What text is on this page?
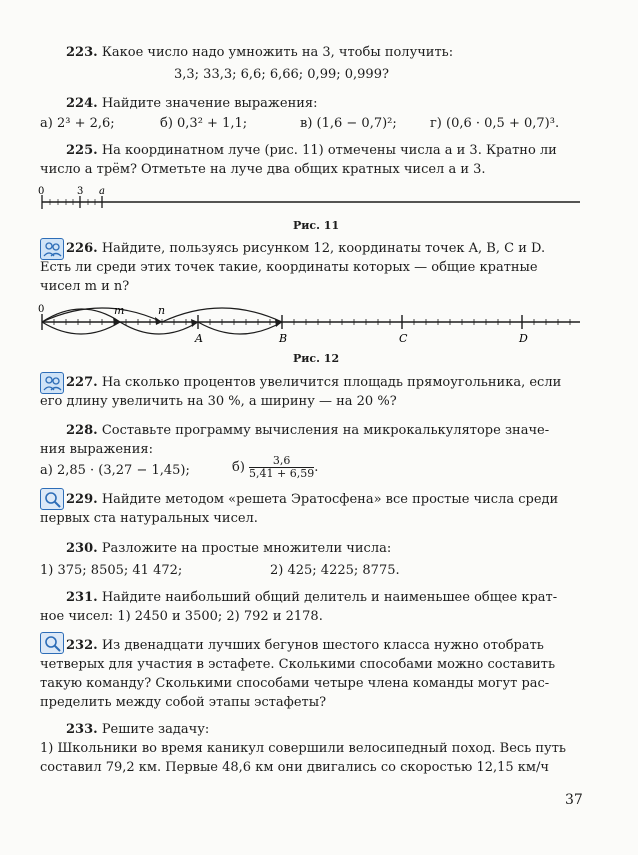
223. Какое число надо умножить на 3, чтобы получить:
3,3; 33,3; 6,6; 6,66; 0,99; 0,999?
224. Найдите значение выражения:
а) 2³ + 2,6;	б) 0,3² + 1,1;	в) (1,6 − 0,7)²;	г) (0,6 · 0,5 + 0,7)³.
225. На координатном луче (рис. 11) отмечены числа a и 3. Кратно ли
число a трём? Отметьте на луче два общих кратных чисел a и 3.
0	3 a
Рис. 11
226. Найдите, пользуясь рисунком 12, координаты точек A, B, C и D.
Есть ли среди этих точек такие, координаты которых — общие кратные
чисел m и n?
0	m	n
A	B	C	D
Рис. 12
227. На сколько процентов увеличится площадь прямоугольника, если
его длину увеличить на 30 %, а ширину — на 20 %?
228. Составьте программу вычисления на микрокалькуляторе значе-
ния выражения:
а) 2,85 · (3,27 − 1,45);	$б) \frac{3,6}{5,41 + 6,59}$ .
229. Найдите методом «решета Эратосфена» все простые числа среди
первых ста натуральных чисел.
230. Разложите на простые множители числа:
1) 375; 8505; 41 472;	2) 425; 4225; 8775.
231. Найдите наибольший общий делитель и наименьшее общее крат-
ное чисел: 1) 2450 и 3500; 2) 792 и 2178.
232. Из двенадцати лучших бегунов шестого класса нужно отобрать
четверых для участия в эстафете. Сколькими способами можно составить
такую команду? Сколькими способами четыре члена команды могут рас-
пределить между собой этапы эстафеты?
233. Решите задачу:
1) Школьники во время каникул совершили велосипедный поход. Весь путь
составил 79,2 км. Первые 48,6 км они двигались со скоростью 12,15 км/ч
37
